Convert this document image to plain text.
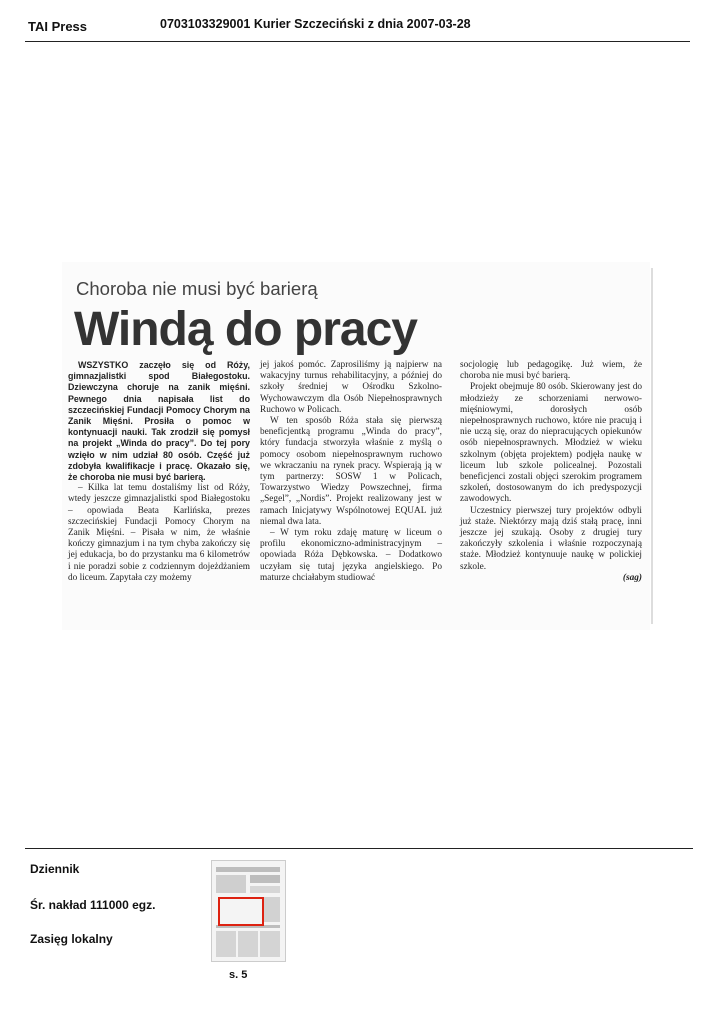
TAI Press	0703103329001 Kurier Szczeciński z dnia 2007-03-28
Choroba nie musi być barierą
Windą do pracy

WSZYSTKO zaczęło się od Róży, gimnazjalistki spod Białegostoku. Dziewczyna choruje na zanik mięśni. Pewnego dnia napisała list do szczecińskiej Fundacji Pomocy Chorym na Zanik Mięśni. Prosiła o pomoc w kontynuacji nauki. Tak zrodził się pomysł na projekt „Winda do pracy”. Do tej pory wzięło w nim udział 80 osób. Część już zdobyła kwalifikacje i pracę. Okazało się, że choroba nie musi być barierą.

– Kilka lat temu dostaliśmy list od Róży, wtedy jeszcze gimnazjalistki spod Białegostoku – opowiada Beata Karlińska, prezes szczecińskiej Fundacji Pomocy Chorym na Zanik Mięśni. – Pisała w nim, że właśnie kończy gimnazjum i na tym chyba zakończy się jej edukacja, bo do przystanku ma 6 kilometrów i nie poradzi sobie z codziennym dojeżdżaniem do liceum. Zapytała czy możemy

jej jakoś pomóc. Zaprosiliśmy ją najpierw na wakacyjny turnus rehabilitacyjny, a później do szkoły średniej w Ośrodku Szkolno-Wychowawczym dla Osób Niepełnosprawnych Ruchowo w Policach.

W ten sposób Róża stała się pierwszą beneficjentką programu „Winda do pracy”, który fundacja stworzyła właśnie z myślą o pomocy osobom niepełnosprawnym ruchowo we wkraczaniu na rynek pracy. Wspierają ją w tym partnerzy: SOSW 1 w Policach, Towarzystwo Wiedzy Powszechnej, firma „Segel”, „Nordis”. Projekt realizowany jest w ramach Inicjatywy Wspólnotowej EQUAL już niemal dwa lata.

– W tym roku zdaję maturę w liceum o profilu ekonomiczno-administracyjnym – opowiada Róża Dębkowska. – Dodatkowo uczyłam się tutaj języka angielskiego. Po maturze chciałabym studiować

socjologię lub pedagogikę. Już wiem, że choroba nie musi być barierą.

Projekt obejmuje 80 osób. Skierowany jest do młodzieży ze schorzeniami nerwowo-mięśniowymi, dorosłych osób niepełnosprawnych ruchowo, które nie pracują i nie uczą się, oraz do niepracujących opiekunów osób niepełnosprawnych. Młodzież w wieku szkolnym (objęta projektem) podjęła naukę w liceum lub szkole policealnej. Pozostali beneficjenci zostali objęci szerokim programem szkoleń, dostosowanym do ich predyspozycji zawodowych.

Uczestnicy pierwszej tury projektów odbyli już staże. Niektórzy mają dziś stałą pracę, inni jeszcze jej szukają. Osoby z drugiej tury zakończyły szkolenia i właśnie rozpoczynają staże. Młodzież kontynuuje naukę w polickiej szkole.

(sag)

Dziennik
Śr. nakład 111000 egz.
Zasięg lokalny
s. 5
